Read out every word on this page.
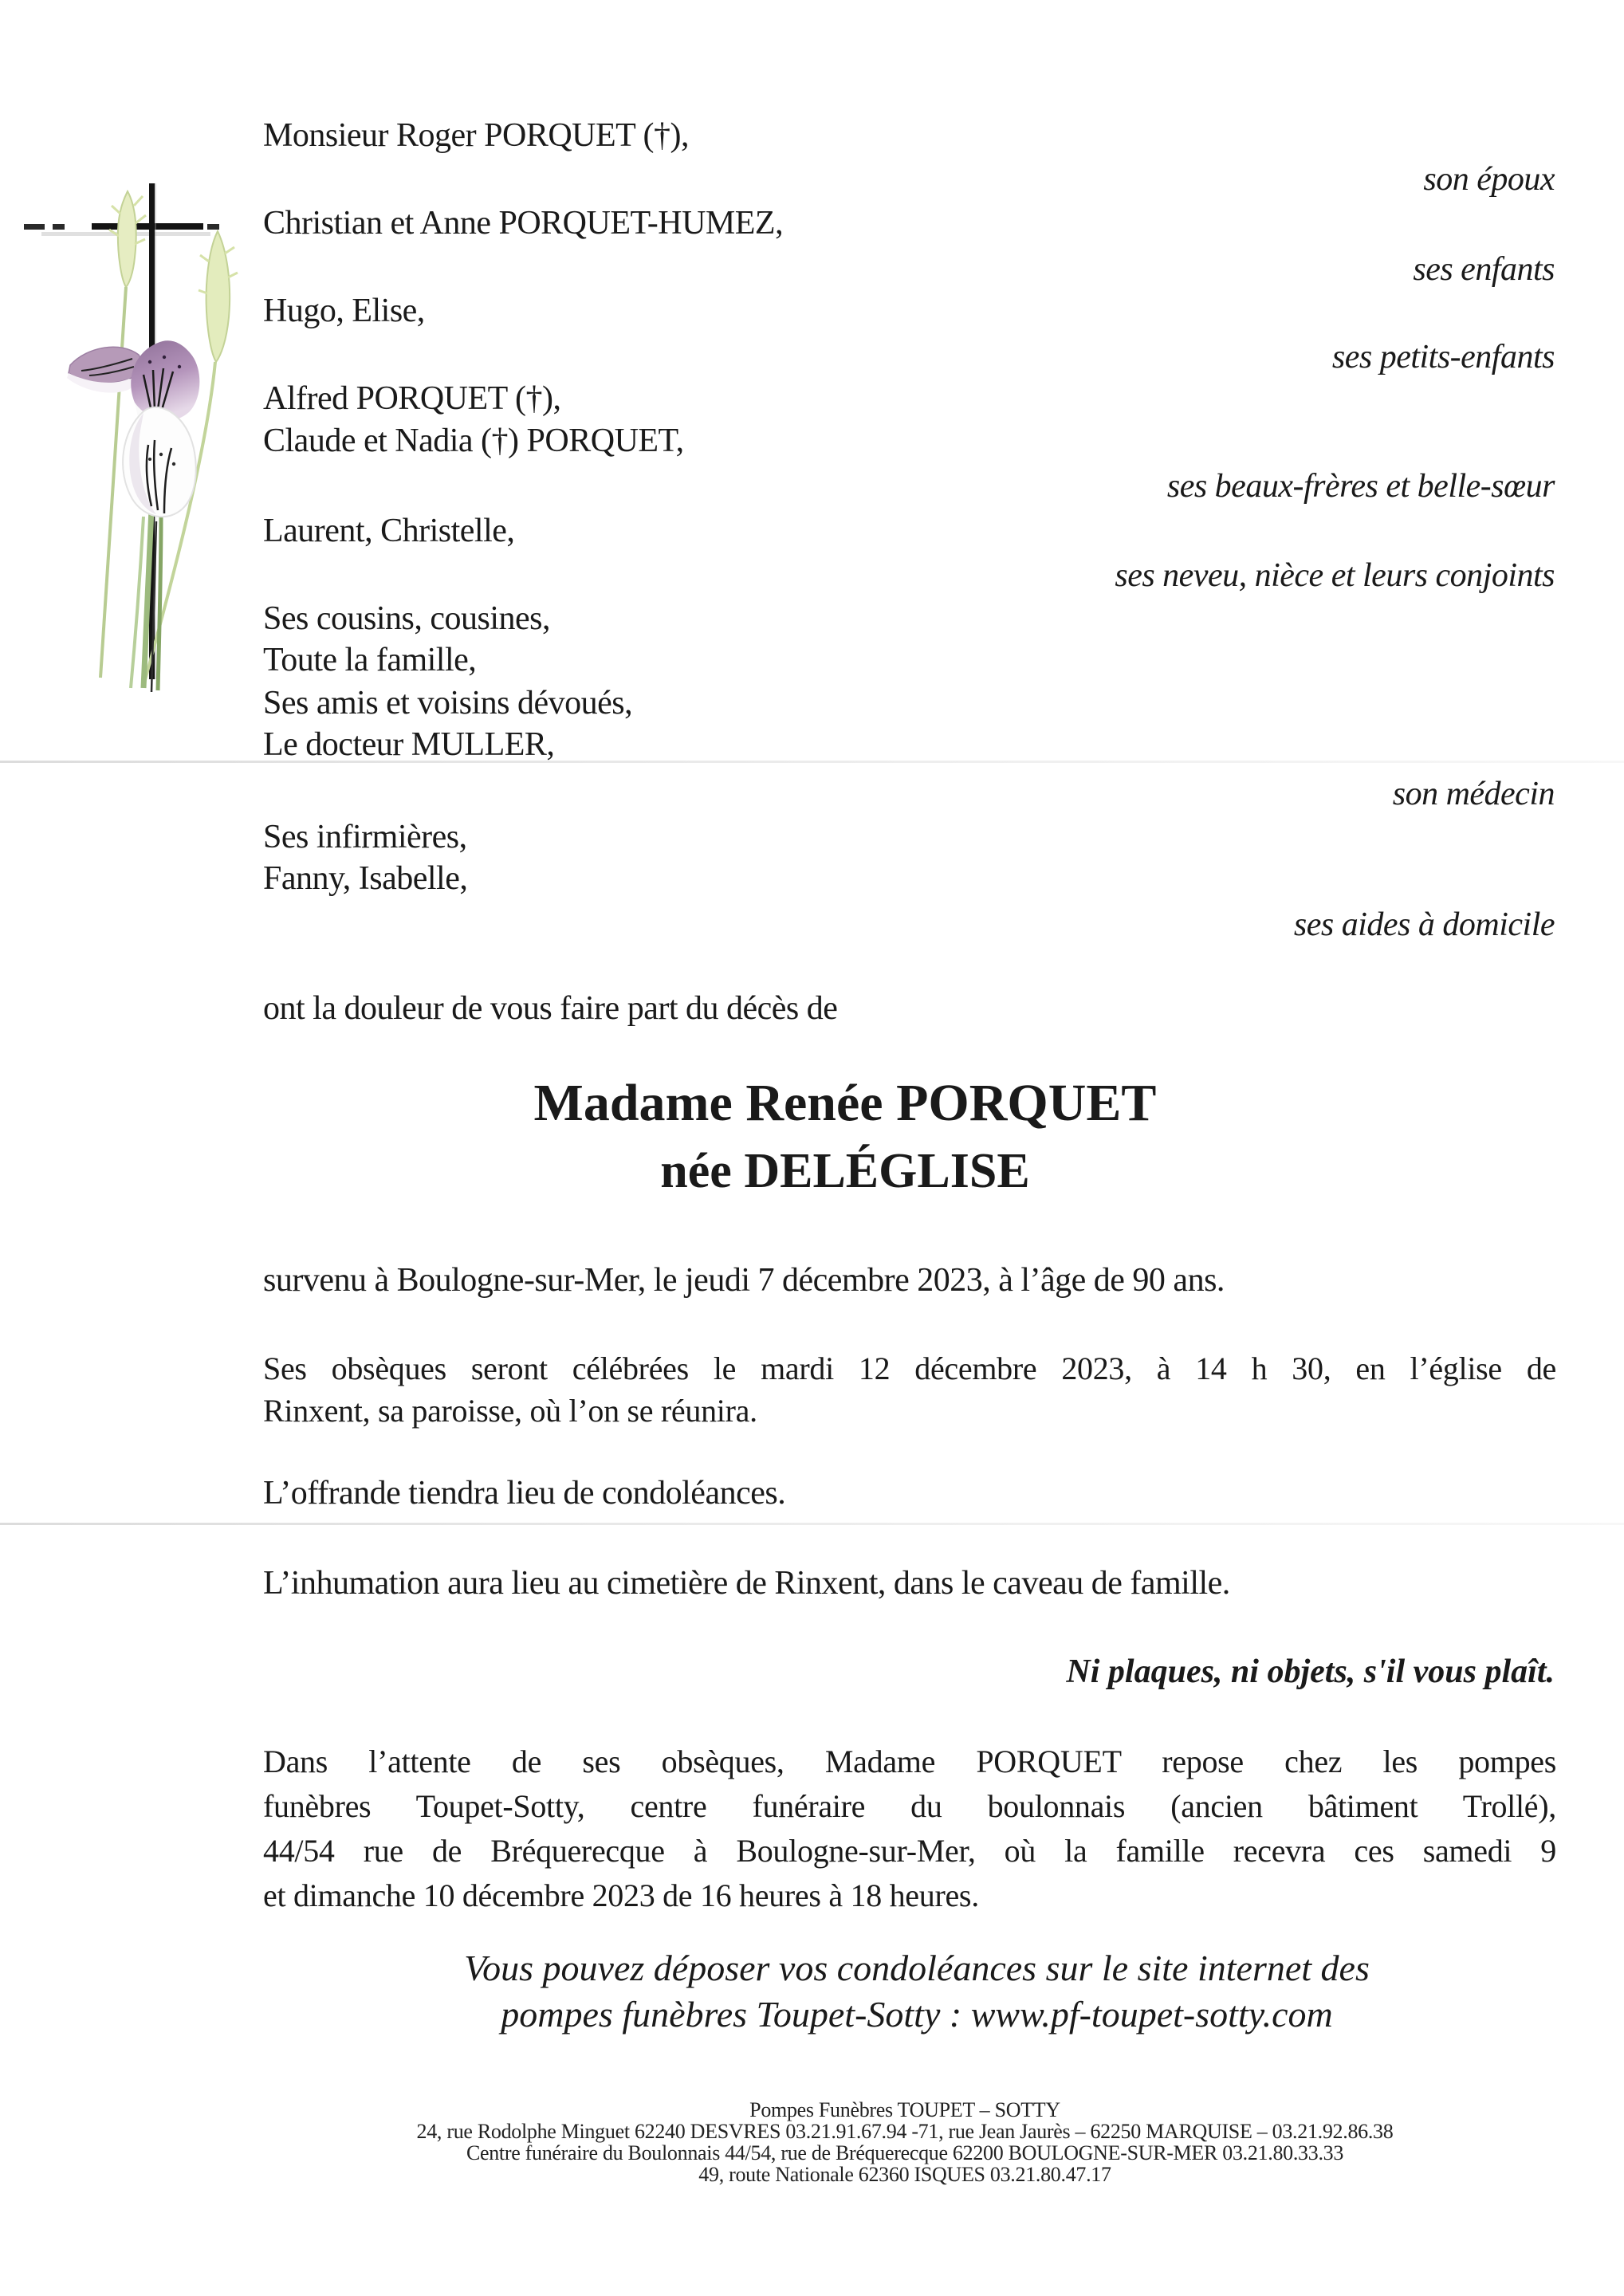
Monsieur Roger PORQUET (†),
Christian et Anne PORQUET-HUMEZ,
Hugo, Elise,
Alfred PORQUET (†),
Claude et Nadia (†) PORQUET,
Laurent, Christelle,
Ses cousins, cousines,
Toute la famille,
Ses amis et voisins dévoués,
Le docteur MULLER,
Ses infirmières,
Fanny, Isabelle,
son époux
ses enfants
ses petits-enfants
ses beaux-frères et belle-sœur
ses neveu, nièce et leurs conjoints
son médecin
ses aides à domicile
ont la douleur de vous faire part du décès de
Madame Renée PORQUET
née DELÉGLISE
survenu à Boulogne-sur-Mer, le jeudi 7 décembre 2023, à l’âge de 90 ans.
Ses obsèques seront célébrées le mardi 12 décembre 2023, à 14 h 30, en l’église de
Rinxent, sa paroisse, où l’on se réunira.
L’offrande tiendra lieu de condoléances.
L’inhumation aura lieu au cimetière de Rinxent, dans le caveau de famille.
Ni plaques, ni objets, s'il vous plaît.
Dans l’attente de ses obsèques, Madame PORQUET repose chez les pompes
funèbres Toupet-Sotty, centre funéraire du boulonnais (ancien bâtiment Trollé),
44/54 rue de Bréquerecque à Boulogne-sur-Mer, où la famille recevra ces samedi 9
et dimanche 10 décembre 2023 de 16 heures à 18 heures.
Vous pouvez déposer vos condoléances sur le site internet des
pompes funèbres Toupet-Sotty : www.pf-toupet-sotty.com
Pompes Funèbres TOUPET – SOTTY
24, rue Rodolphe Minguet 62240 DESVRES 03.21.91.67.94 -71, rue Jean Jaurès – 62250 MARQUISE – 03.21.92.86.38
Centre funéraire du Boulonnais 44/54, rue de Bréquerecque 62200 BOULOGNE-SUR-MER 03.21.80.33.33
49, route Nationale 62360 ISQUES 03.21.80.47.17
